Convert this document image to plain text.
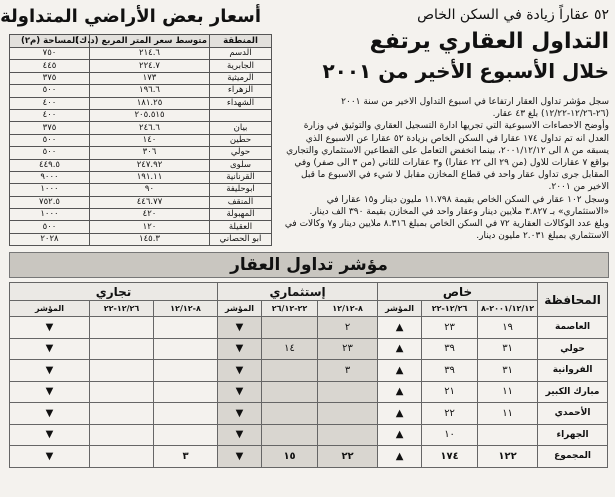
أسعار بعض الأراضي المتداولة
المنطقة	متوسط سعر المتر المربع (د.ك)	المساحة (م٢)
الدسم	٢١٤.٦	٧٥٠
الجابرية	٢٢٤.٧	٤٤٥
الرميثية	١٧٣	٣٧٥
الزهراء	١٩٦.٦	٥٠٠
الشهداء	١٨١.٢٥	٤٠٠
	٢٠٥.٥١٥	٤٠٠
بيان	٢٤٦.٦	٣٧٥
حطين	١٤٠	٥٠٠
حولي	٣٠٦	٥٠٠
سلوى	٢٤٧.٩٢	٤٤٩.٥
القرنانية	١٩١.١١	٩٠٠٠
ابوحليفة	٩٠	١٠٠٠
المنقف	٤٤٦.٧٧	٧٥٢.٥
المهبولة	٤٢٠	١٠٠٠
العقيلة	١٢٠	٥٠٠
ابو الحصاني	١٤٥.٣	٢٠٢٨
٥٢ عقاراً زيادة في السكن الخاص
التداول العقاري يرتفع
خلال الأسبوع الأخير من ٢٠٠١

سجل مؤشر تداول العقار ارتفاعا في اسبوع التداول الاخير من سنة ٢٠٠١ (٢٦-١٢/٢٦-١٢/٢٢) بلغ ٤٣ عقار.

وأوضح الاحصاءات الاسبوعية التي تجريها ادارة التسجيل العقاري والتوثيق في وزارة العدل انه تم تداول ١٧٤ عقارا في السكن الخاص بزيادة ٥٢ عقارا عن الاسبوع الذي يسبقه من ٨ الى ٢٠٠١/١٢/١٢، بينما انخفض التعامل على القطاعين الاستثماري والتجاري بواقع ٧ عقارات للاول (من ٢٩ الى ٢٢ عقارا) و٣ عقارات للثاني (من ٣ الى صفر) وفي المقابل جرى تداول عقار واحد في قطاع المخازن مقابل لا شيء في الاسبوع ما قبل الاخير من ٢٠٠١.

وسجل ١٠٢ عقار في السكن الخاص بقيمة ١١.٧٩٨ مليون دينار و١٥ عقارا في «الاستثماري» بـ ٣.٨٢٧ ملايين دينار وعقار واحد في المخازن بقيمة ٣٩٠ الف دينار.

وبلغ عدد الوكالات العقارية ٧٢ في السكن الخاص بمبلغ ٨.٣١٦ ملايين دينار و٧ وكالات في الاستثماري بمبلغ ٢.٠٣١ مليون دينار.

مؤشر تداول العقار
المحافظة	خاص			إستثماري			تجاري		
	٢٠٠١/١٢/١٢-٨	١٢/٢٦-٢٢	المؤشر	٨-١٢/١٢	٢٢-٢٦/١٢	المؤشر	٨-١٢/١٢	١٢/٢٦-٢٢	المؤشر
العاصمة	١٩	٢٣	▲	٢		▼			▼
حولي	٣١	٣٩	▲	٢٣	١٤	▼			▼
الفروانية	٣١	٣٩	▲	٣		▼			▼
مبارك الكبير	١١	٢١	▲			▼			▼
الأحمدي	١١	٢٢	▲			▼			▼
الجهراء		١٠	▲			▼			▼
المجموع	١٢٢	١٧٤	▲	٢٢	١٥	▼	٣		▼
